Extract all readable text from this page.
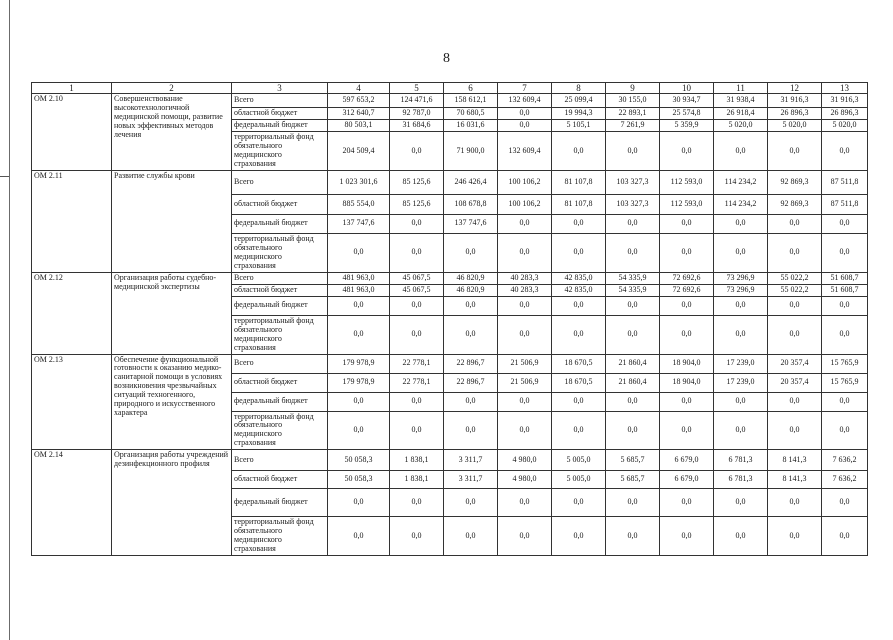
8
1	2	3	4	5	6	7	8	9	10	11	12	13
ОМ 2.10	Совершенствование высокотехнологичной медицинской помощи, развитие новых эффективных методов лечения	Всего	597 653,2	124 471,6	158 612,1	132 609,4	25 099,4	30 155,0	30 934,7	31 938,4	31 916,3	31 916,3
		областной бюджет	312 640,7	92 787,0	70 680,5	0,0	19 994,3	22 893,1	25 574,8	26 918,4	26 896,3	26 896,3
		федеральный бюджет	80 503,1	31 684,6	16 031,6	0,0	5 105,1	7 261,9	5 359,9	5 020,0	5 020,0	5 020,0
		территориальный фонд обязательного медицинского страхования	204 509,4	0,0	71 900,0	132 609,4	0,0	0,0	0,0	0,0	0,0	0,0
ОМ 2.11	Развитие службы крови	Всего	1 023 301,6	85 125,6	246 426,4	100 106,2	81 107,8	103 327,3	112 593,0	114 234,2	92 869,3	87 511,8
		областной бюджет	885 554,0	85 125,6	108 678,8	100 106,2	81 107,8	103 327,3	112 593,0	114 234,2	92 869,3	87 511,8
		федеральный бюджет	137 747,6	0,0	137 747,6	0,0	0,0	0,0	0,0	0,0	0,0	0,0
		территориальный фонд обязательного медицинского страхования	0,0	0,0	0,0	0,0	0,0	0,0	0,0	0,0	0,0	0,0
ОМ 2.12	Организация работы судебно-медицинской экспертизы	Всего	481 963,0	45 067,5	46 820,9	40 283,3	42 835,0	54 335,9	72 692,6	73 296,9	55 022,2	51 608,7
		областной бюджет	481 963,0	45 067,5	46 820,9	40 283,3	42 835,0	54 335,9	72 692,6	73 296,9	55 022,2	51 608,7
		федеральный бюджет	0,0	0,0	0,0	0,0	0,0	0,0	0,0	0,0	0,0	0,0
		территориальный фонд обязательного медицинского страхования	0,0	0,0	0,0	0,0	0,0	0,0	0,0	0,0	0,0	0,0
ОМ 2.13	Обеспечение функциональной готовности к оказанию медико-санитарной помощи в условиях возникновения чрезвычайных ситуаций техногенного, природного и искусственного характера	Всего	179 978,9	22 778,1	22 896,7	21 506,9	18 670,5	21 860,4	18 904,0	17 239,0	20 357,4	15 765,9
		областной бюджет	179 978,9	22 778,1	22 896,7	21 506,9	18 670,5	21 860,4	18 904,0	17 239,0	20 357,4	15 765,9
		федеральный бюджет	0,0	0,0	0,0	0,0	0,0	0,0	0,0	0,0	0,0	0,0
		территориальный фонд обязательного медицинского страхования	0,0	0,0	0,0	0,0	0,0	0,0	0,0	0,0	0,0	0,0
ОМ 2.14	Организация работы учреждений дезинфекционного профиля	Всего	50 058,3	1 838,1	3 311,7	4 980,0	5 005,0	5 685,7	6 679,0	6 781,3	8 141,3	7 636,2
		областной бюджет	50 058,3	1 838,1	3 311,7	4 980,0	5 005,0	5 685,7	6 679,0	6 781,3	8 141,3	7 636,2
		федеральный бюджет	0,0	0,0	0,0	0,0	0,0	0,0	0,0	0,0	0,0	0,0
		территориальный фонд обязательного медицинского страхования	0,0	0,0	0,0	0,0	0,0	0,0	0,0	0,0	0,0	0,0
